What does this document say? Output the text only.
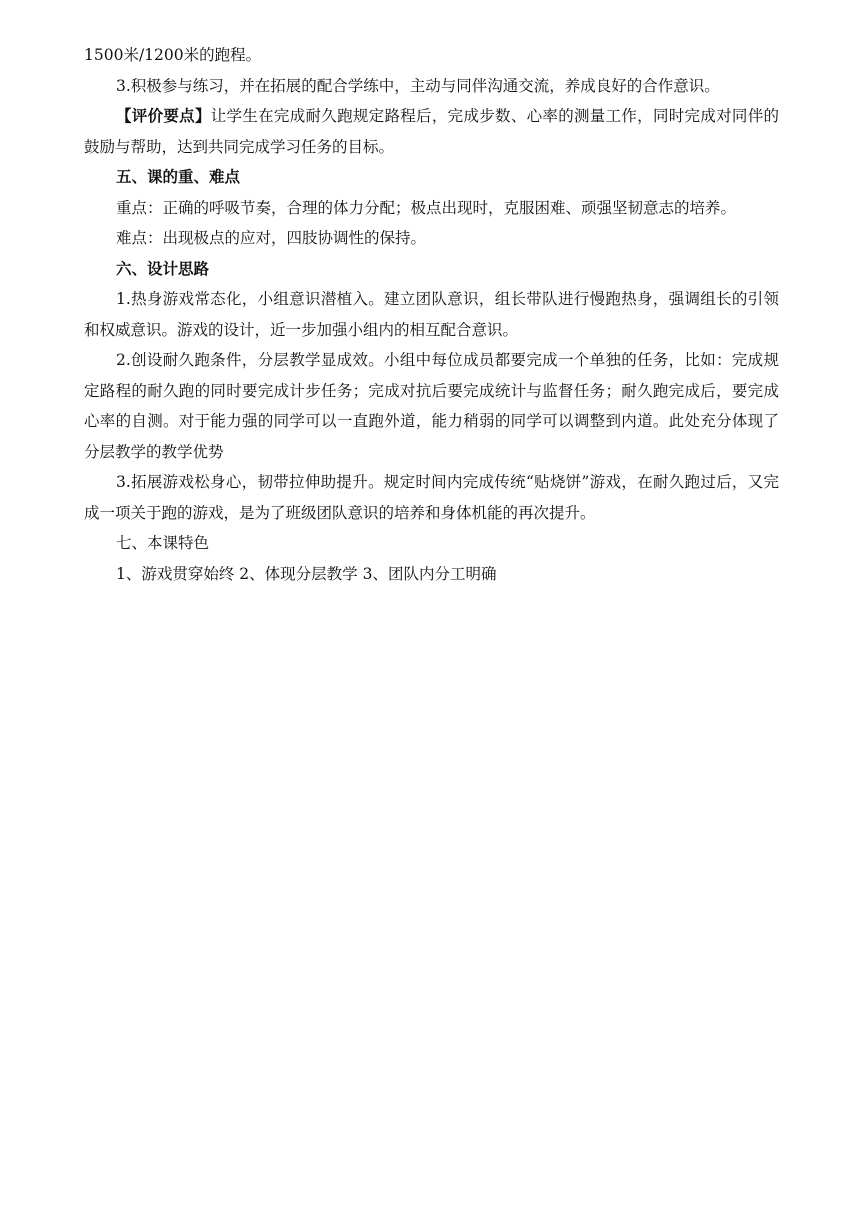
1500米/1200米的跑程。

3.积极参与练习，并在拓展的配合学练中，主动与同伴沟通交流，养成良好的合作意识。

【评价要点】让学生在完成耐久跑规定路程后，完成步数、心率的测量工作，同时完成对同伴的鼓励与帮助，达到共同完成学习任务的目标。

五、课的重、难点

重点：正确的呼吸节奏，合理的体力分配；极点出现时，克服困难、顽强坚韧意志的培养。

难点：出现极点的应对，四肢协调性的保持。

六、设计思路

1.热身游戏常态化，小组意识潜植入。建立团队意识，组长带队进行慢跑热身，强调组长的引领和权威意识。游戏的设计，近一步加强小组内的相互配合意识。

2.创设耐久跑条件，分层教学显成效。小组中每位成员都要完成一个单独的任务，比如：完成规定路程的耐久跑的同时要完成计步任务；完成对抗后要完成统计与监督任务；耐久跑完成后，要完成心率的自测。对于能力强的同学可以一直跑外道，能力稍弱的同学可以调整到内道。此处充分体现了分层教学的教学优势

3.拓展游戏松身心，韧带拉伸助提升。规定时间内完成传统“贴烧饼”游戏，在耐久跑过后，又完成一项关于跑的游戏，是为了班级团队意识的培养和身体机能的再次提升。

七、本课特色

1、游戏贯穿始终 2、体现分层教学 3、团队内分工明确
